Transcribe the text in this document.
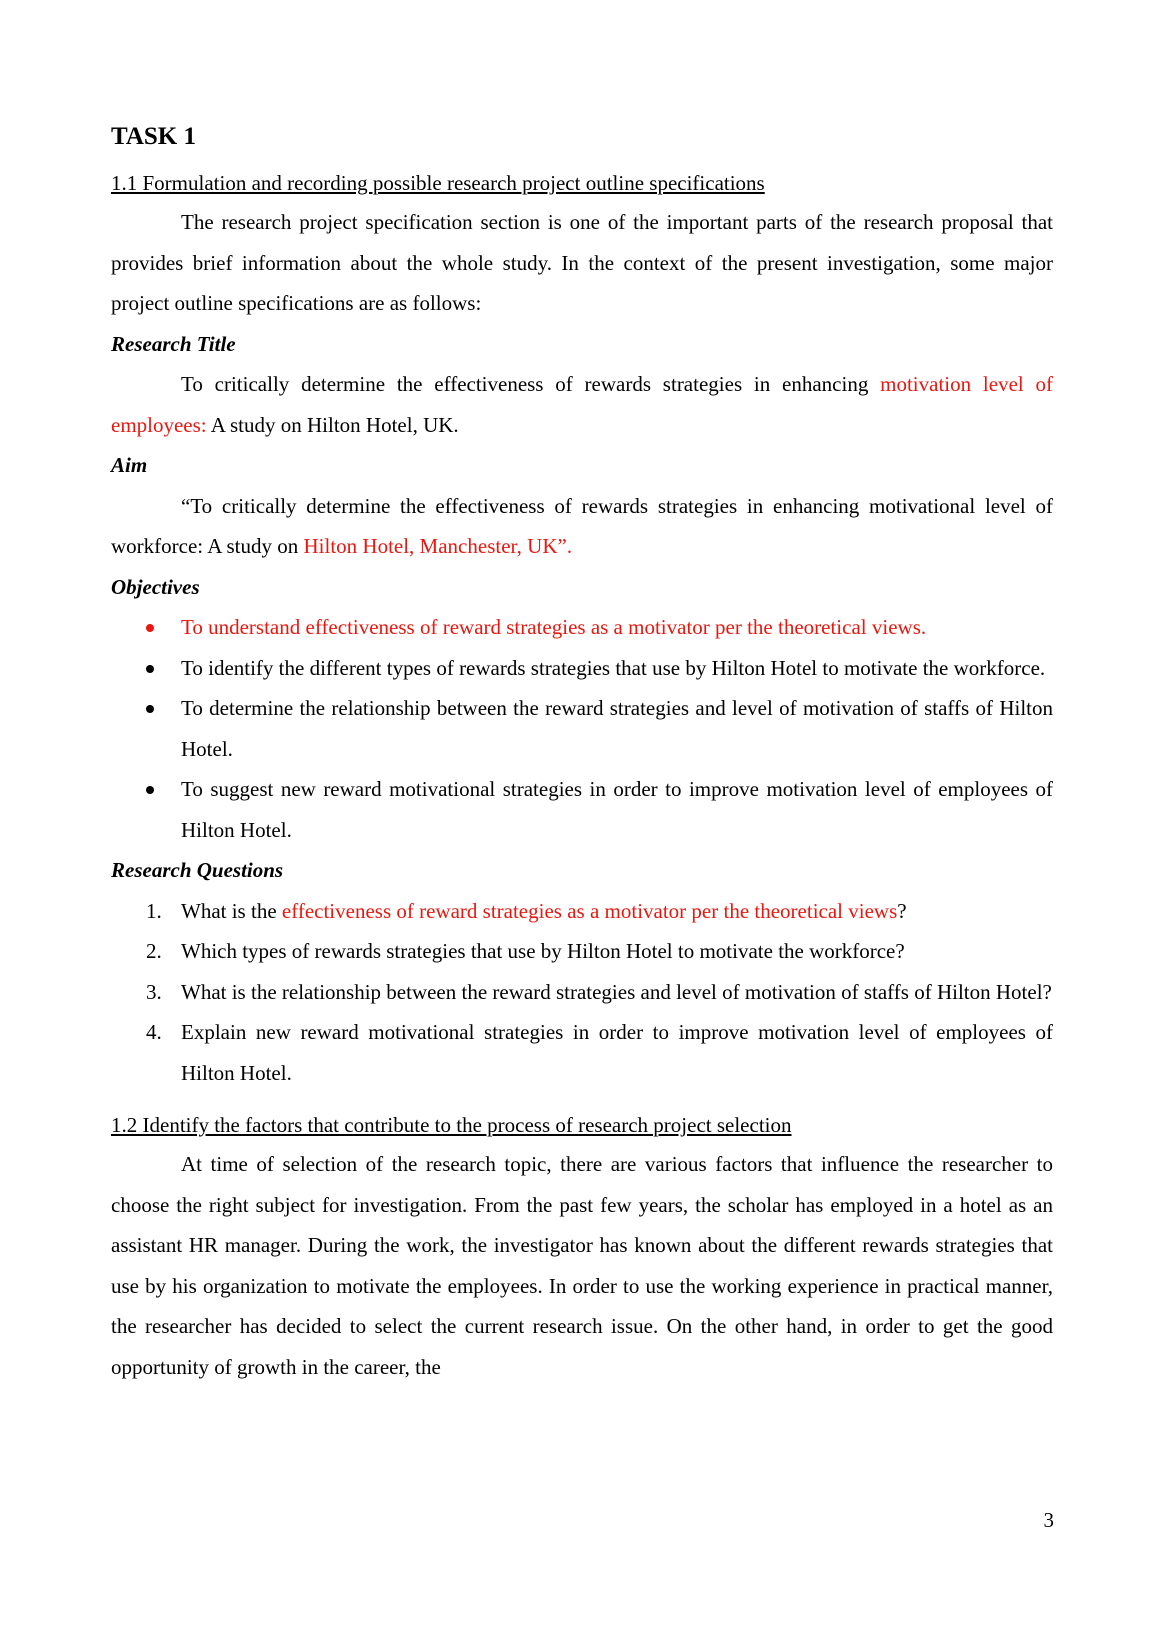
TASK 1
1.1 Formulation and recording possible research project outline specifications

The research project specification section is one of the important parts of the research proposal that provides brief information about the whole study. In the context of the present investigation, some major project outline specifications are as follows:

Research Title

To critically determine the effectiveness of rewards strategies in enhancing motivation level of employees: A study on Hilton Hotel, UK.

Aim

“To critically determine the effectiveness of rewards strategies in enhancing motivational level of workforce: A study on Hilton Hotel, Manchester, UK”.

Objectives
To understand effectiveness of reward strategies as a motivator per the theoretical views.
To identify the different types of rewards strategies that use by Hilton Hotel to motivate the workforce.
To determine the relationship between the reward strategies and level of motivation of staffs of Hilton Hotel.
To suggest new reward motivational strategies in order to improve motivation level of employees of Hilton Hotel.
Research Questions
1. What is the effectiveness of reward strategies as a motivator per the theoretical views?
2. Which types of rewards strategies that use by Hilton Hotel to motivate the workforce?
3. What is the relationship between the reward strategies and level of motivation of staffs of Hilton Hotel?
4. Explain new reward motivational strategies in order to improve motivation level of employees of Hilton Hotel.
1.2 Identify the factors that contribute to the process of research project selection

At time of selection of the research topic, there are various factors that influence the researcher to choose the right subject for investigation. From the past few years, the scholar has employed in a hotel as an assistant HR manager. During the work, the investigator has known about the different rewards strategies that use by his organization to motivate the employees. In order to use the working experience in practical manner, the researcher has decided to select the current research issue. On the other hand, in order to get the good opportunity of growth in the career, the

3
